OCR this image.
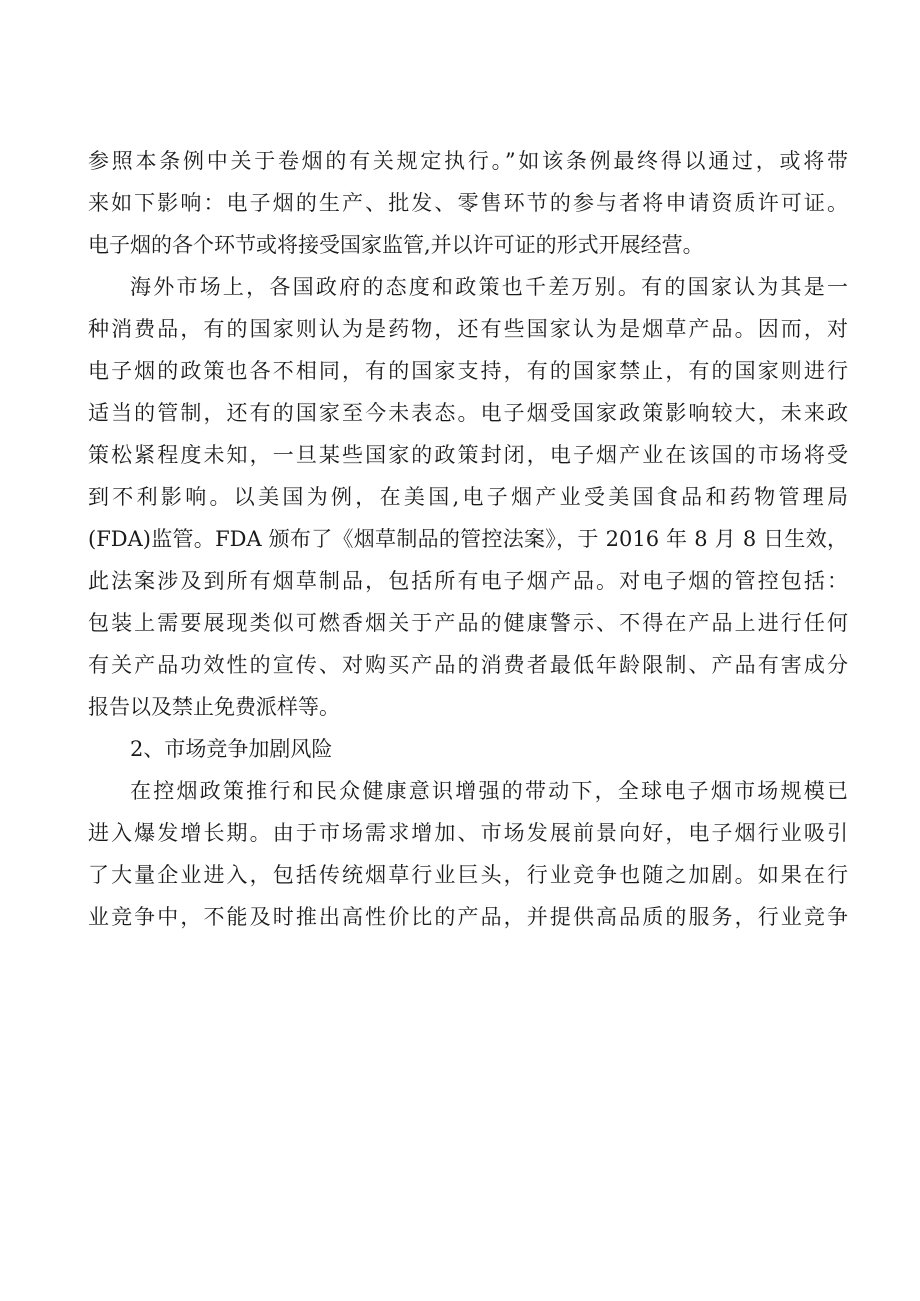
参照本条例中关于卷烟的有关规定执行。”如该条例最终得以通过，或将带
来如下影响：电子烟的生产、批发、零售环节的参与者将申请资质许可证。
电子烟的各个环节或将接受国家监管,并以许可证的形式开展经营。
海外市场上，各国政府的态度和政策也千差万别。有的国家认为其是一
种消费品，有的国家则认为是药物，还有些国家认为是烟草产品。因而，对
电子烟的政策也各不相同，有的国家支持，有的国家禁止，有的国家则进行
适当的管制，还有的国家至今未表态。电子烟受国家政策影响较大，未来政
策松紧程度未知，一旦某些国家的政策封闭，电子烟产业在该国的市场将受
到不利影响。以美国为例，在美国,电子烟产业受美国食品和药物管理局
(FDA)监管。FDA 颁布了《烟草制品的管控法案》，于 2016 年 8 月 8 日生效，
此法案涉及到所有烟草制品，包括所有电子烟产品。对电子烟的管控包括：
包装上需要展现类似可燃香烟关于产品的健康警示、不得在产品上进行任何
有关产品功效性的宣传、对购买产品的消费者最低年龄限制、产品有害成分
报告以及禁止免费派样等。
2、市场竞争加剧风险
在控烟政策推行和民众健康意识增强的带动下，全球电子烟市场规模已
进入爆发增长期。由于市场需求增加、市场发展前景向好，电子烟行业吸引
了大量企业进入，包括传统烟草行业巨头，行业竞争也随之加剧。如果在行
业竞争中，不能及时推出高性价比的产品，并提供高品质的服务，行业竞争
